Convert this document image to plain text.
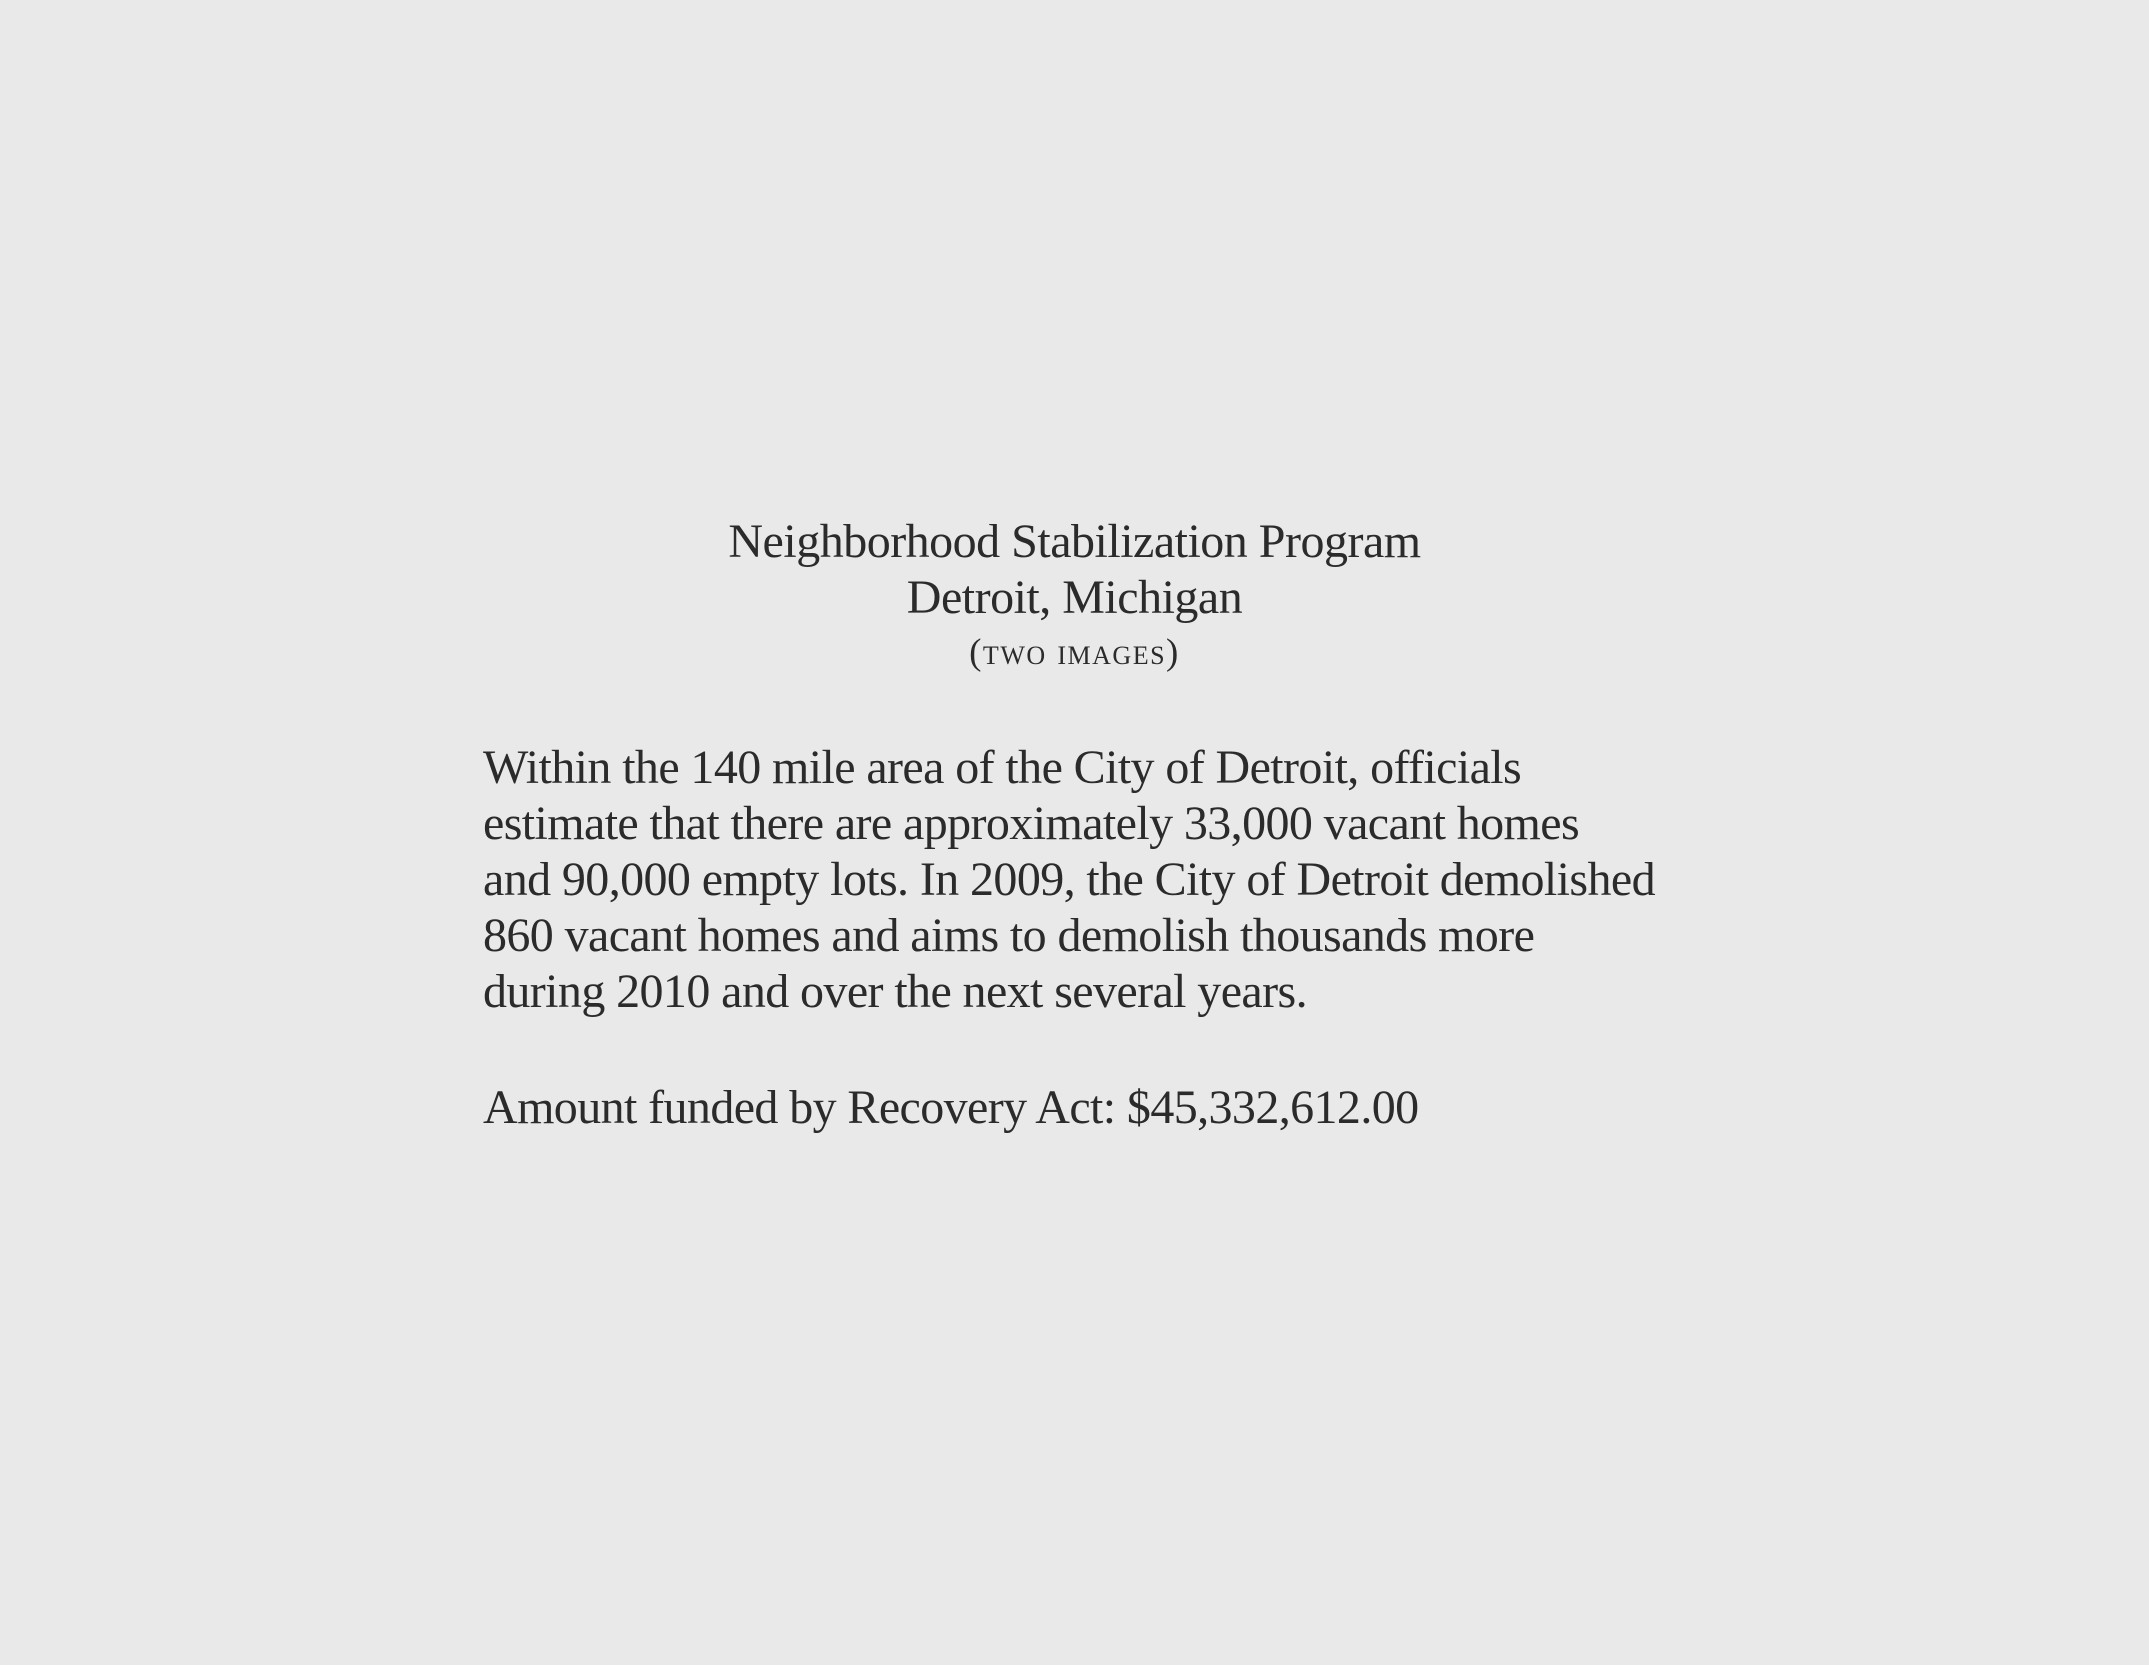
Neighborhood Stabilization Program
Detroit, Michigan
(two images)
Within the 140 mile area of the City of Detroit, officials
estimate that there are approximately 33,000 vacant homes
and 90,000 empty lots. In 2009, the City of Detroit demolished
860 vacant homes and aims to demolish thousands more
during 2010 and over the next several years.
Amount funded by Recovery Act: $45,332,612.00
